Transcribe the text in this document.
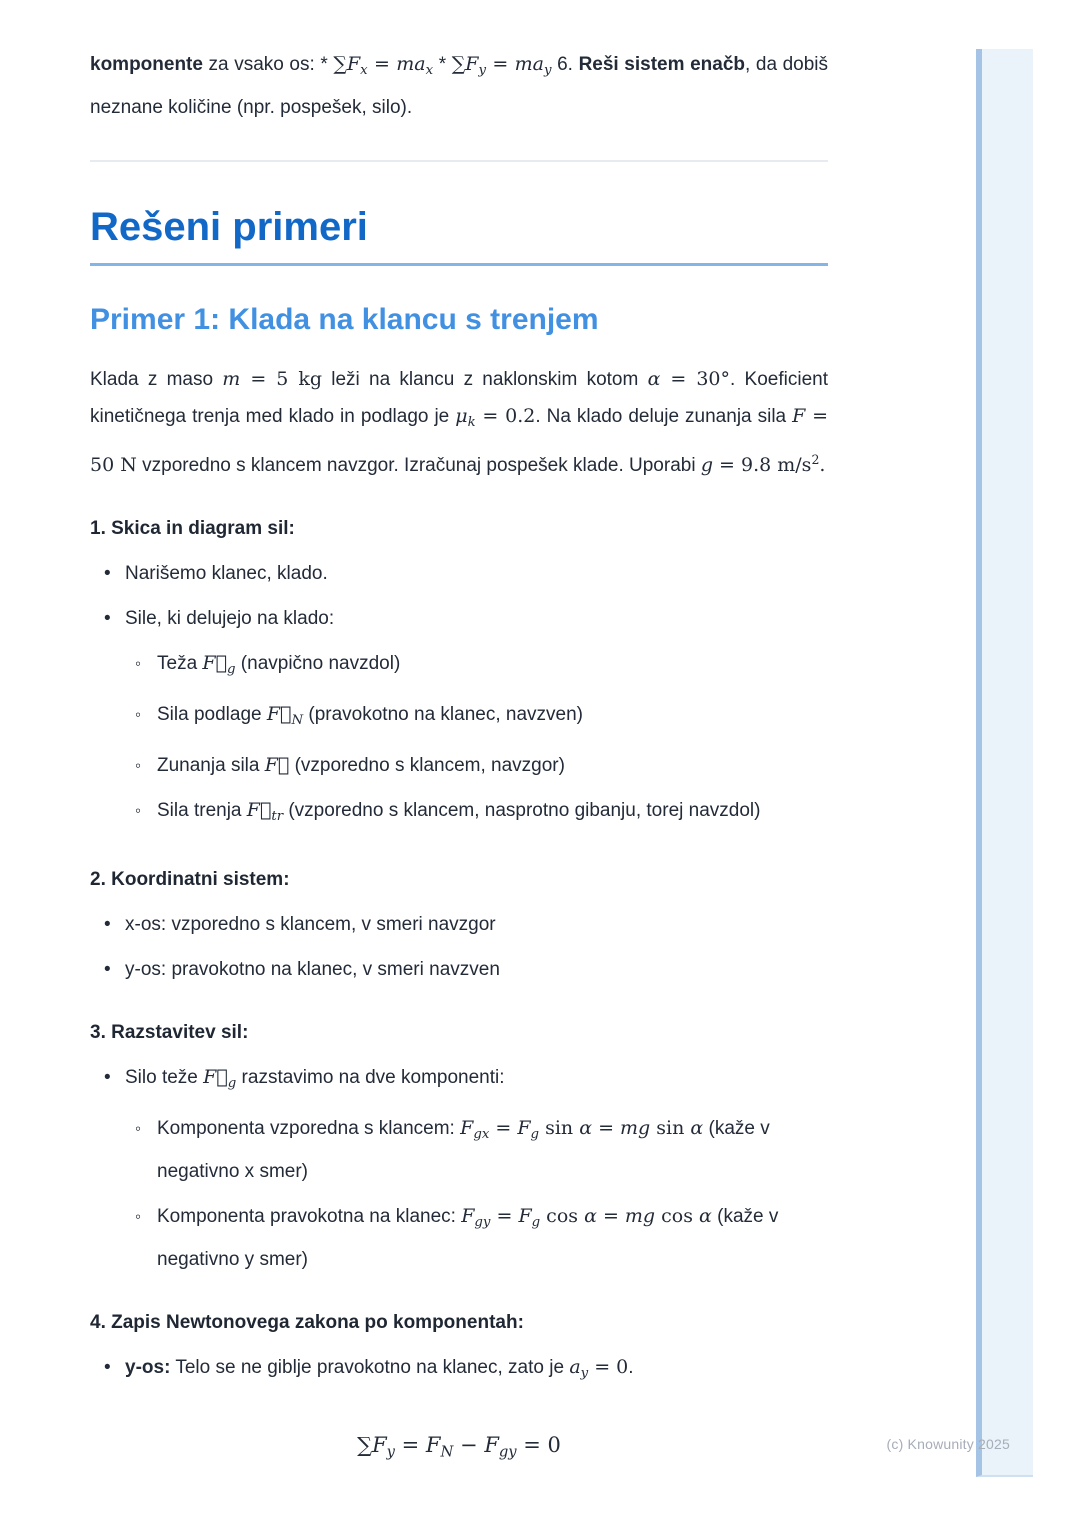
komponente za vsako os: * $\sum F_x = ma_x * \sum F_y = ma_y$ 6. Reši sistem enačb, da dobiš neznane količine (npr. pospešek, silo).

Rešeni primeri
Primer 1: Klada na klancu s trenjem

Klada z maso m = 5 kg leži na klancu z naklonskim kotom α = 30°. Koeficient kinetičnega trenja med klado in podlago je $\mu_k = 0.2$. Na klado deluje zunanja sila F = 50 N vzporedno s klancem navzgor. Izračunaj pospešek klade. Uporabi g = 9.8 $m/s^2$.

1. Skica in diagram sil:

• Narišemo klanec, klado.
• Sile, ki delujejo na klado:
◦ Teža $F⃗_g$ (navpično navzdol)
◦ Sila podlage $F⃗_N$ (pravokotno na klanec, navzven)
◦ Zunanja sila F⃗ (vzporedno s klancem, navzgor)
◦ Sila trenja $F⃗_{tr}$ (vzporedno s klancem, nasprotno gibanju, torej navzdol)

2. Koordinatni sistem:

• x-os: vzporedno s klancem, v smeri navzgor
• y-os: pravokotno na klanec, v smeri navzven

3. Razstavitev sil:

• Silo teže $F⃗_g$ razstavimo na dve komponenti:
◦ Komponenta vzporedna s klancem: $F_{gx} = F_g$ sin α = mg sin α (kaže v negativno x smer)
◦ Komponenta pravokotna na klanec: $F_{gy} = F_g$ cos α = mg cos α (kaže v negativno y smer)

4. Zapis Newtonovega zakona po komponentah:

• y-os: Telo se ne giblje pravokotno na klanec, zato je $a_y = 0$.

$\sum F_y = F_N - F_{gy} = 0$	(c) Knowunity 2025
